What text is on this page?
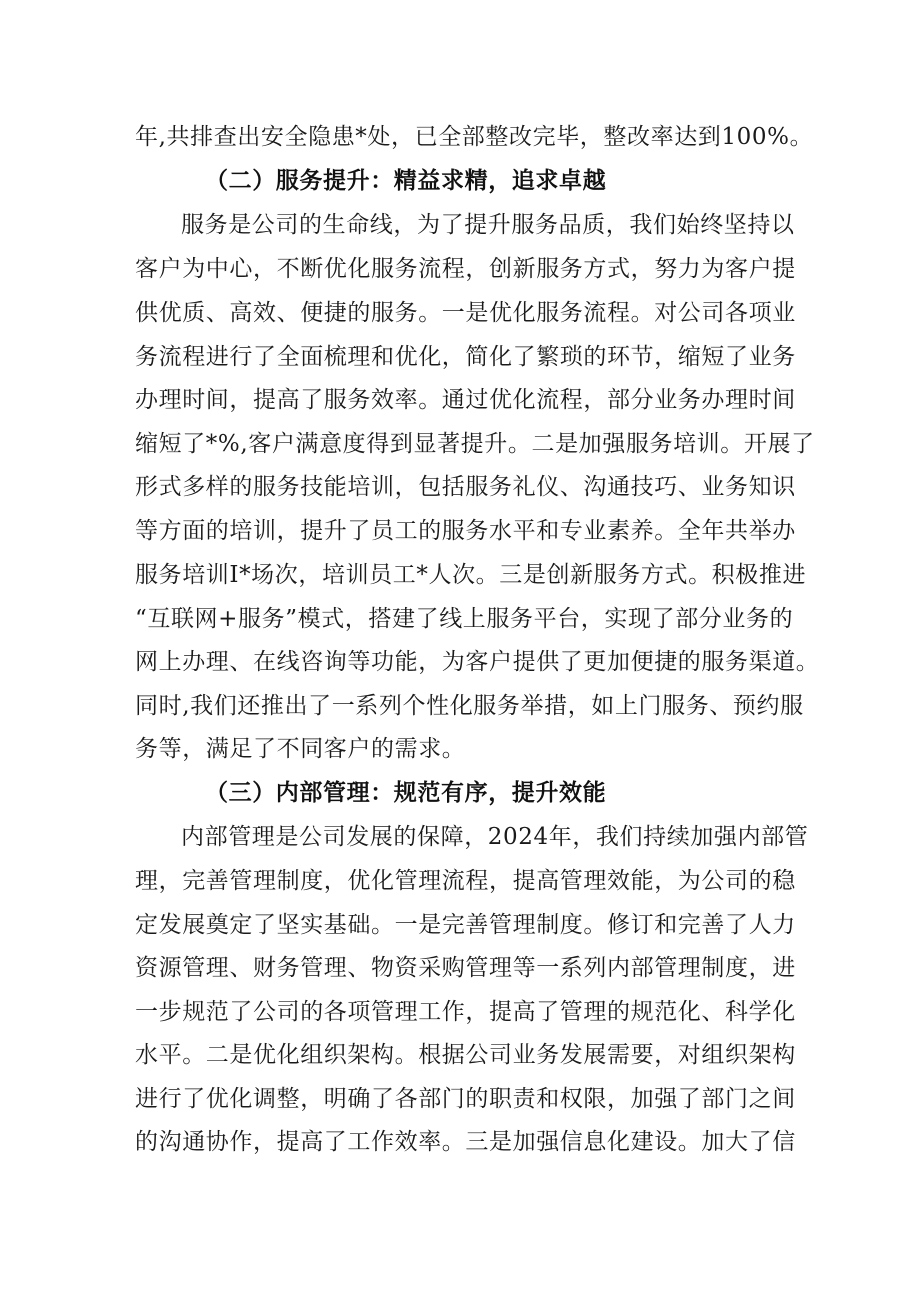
年,共排查出安全隐患*处，已全部整改完毕，整改率达到100%。
（二）服务提升：精益求精，追求卓越
服务是公司的生命线，为了提升服务品质，我们始终坚持以
客户为中心，不断优化服务流程，创新服务方式，努力为客户提
供优质、高效、便捷的服务。一是优化服务流程。对公司各项业
务流程进行了全面梳理和优化，简化了繁琐的环节，缩短了业务
办理时间，提高了服务效率。通过优化流程，部分业务办理时间
缩短了*%,客户满意度得到显著提升。二是加强服务培训。开展了
形式多样的服务技能培训，包括服务礼仪、沟通技巧、业务知识
等方面的培训，提升了员工的服务水平和专业素养。全年共举办
服务培训I*场次，培训员工*人次。三是创新服务方式。积极推进
“互联网+服务”模式，搭建了线上服务平台，实现了部分业务的
网上办理、在线咨询等功能，为客户提供了更加便捷的服务渠道。
同时,我们还推出了一系列个性化服务举措，如上门服务、预约服
务等，满足了不同客户的需求。
（三）内部管理：规范有序，提升效能
内部管理是公司发展的保障，2024年，我们持续加强内部管
理，完善管理制度，优化管理流程，提高管理效能，为公司的稳
定发展奠定了坚实基础。一是完善管理制度。修订和完善了人力
资源管理、财务管理、物资采购管理等一系列内部管理制度，进
一步规范了公司的各项管理工作，提高了管理的规范化、科学化
水平。二是优化组织架构。根据公司业务发展需要，对组织架构
进行了优化调整，明确了各部门的职责和权限，加强了部门之间
的沟通协作，提高了工作效率。三是加强信息化建设。加大了信
